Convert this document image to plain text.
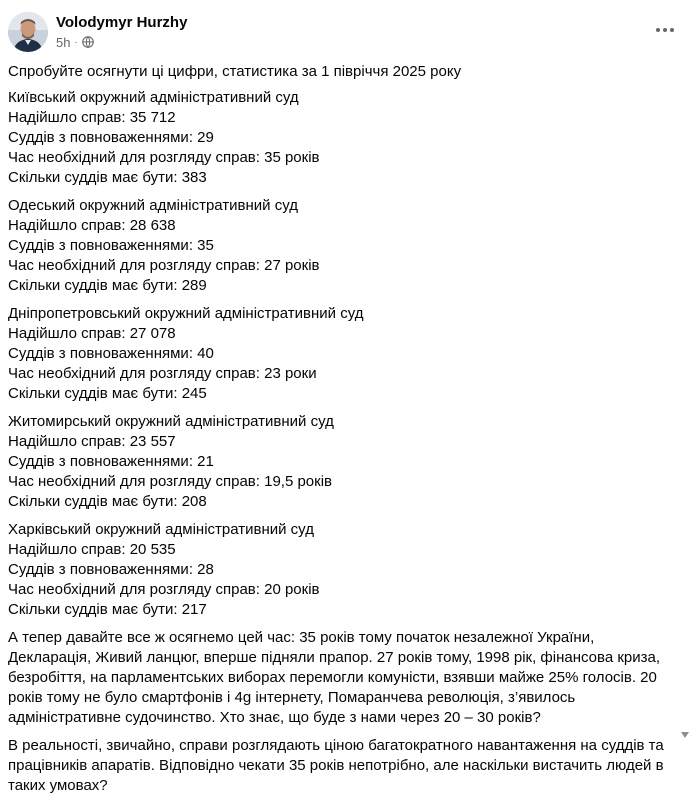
Volodymyr Hurzhy
5h ·
Спробуйте осягнути ці цифри, статистика за 1 півріччя 2025 року
Київський окружний адміністративний суд
Надійшло справ: 35 712
Суддів з повноваженнями: 29
Час необхідний для розгляду справ: 35 років
Скільки суддів має бути: 383
Одеський окружний адміністративний суд
Надійшло справ: 28 638
Суддів з повноваженнями: 35
Час необхідний для розгляду справ: 27 років
Скільки суддів має бути: 289
Дніпропетровський окружний адміністративний суд
Надійшло справ: 27 078
Суддів з повноваженнями: 40
Час необхідний для розгляду справ: 23 роки
Скільки суддів має бути: 245
Житомирський окружний адміністративний суд
Надійшло справ: 23 557
Суддів з повноваженнями: 21
Час необхідний для розгляду справ: 19,5 років
Скільки суддів має бути: 208
Харківський окружний адміністративний суд
Надійшло справ: 20 535
Суддів з повноваженнями: 28
Час необхідний для розгляду справ: 20 років
Скільки суддів має бути: 217
А тепер давайте все ж осягнемо цей час: 35 років тому початок незалежної України, Декларація, Живий ланцюг, вперше підняли прапор. 27 років тому, 1998 рік, фінансова криза, безробіття, на парламентських виборах перемогли комуністи, взявши майже 25% голосів. 20 років тому не було смартфонів і 4g інтернету, Помаранчева революція, з’явилось адміністративне судочинство. Хто знає, що буде з нами через 20 – 30 років?
В реальності, звичайно, справи розглядають ціною багатократного навантаження на суддів та працівників апаратів. Відповідно чекати 35 років непотрібно, але наскільки вистачить людей в таких умовах?
